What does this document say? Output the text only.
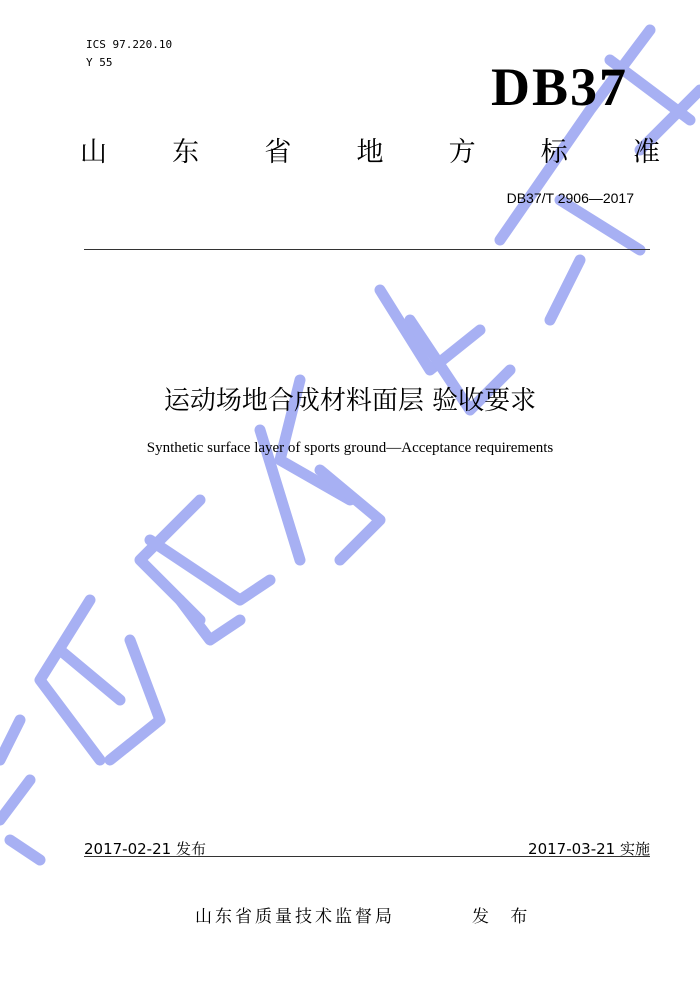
ICS 97.220.10
Y 55	DB37
山 东 省 地 方 标 准
DB37/T 2906—2017
运动场地合成材料面层 验收要求
Synthetic surface layer of sports ground—Acceptance requirements
2017-02-21 发布	2017-03-21 实施
山东省质量技术监督局	发 布
